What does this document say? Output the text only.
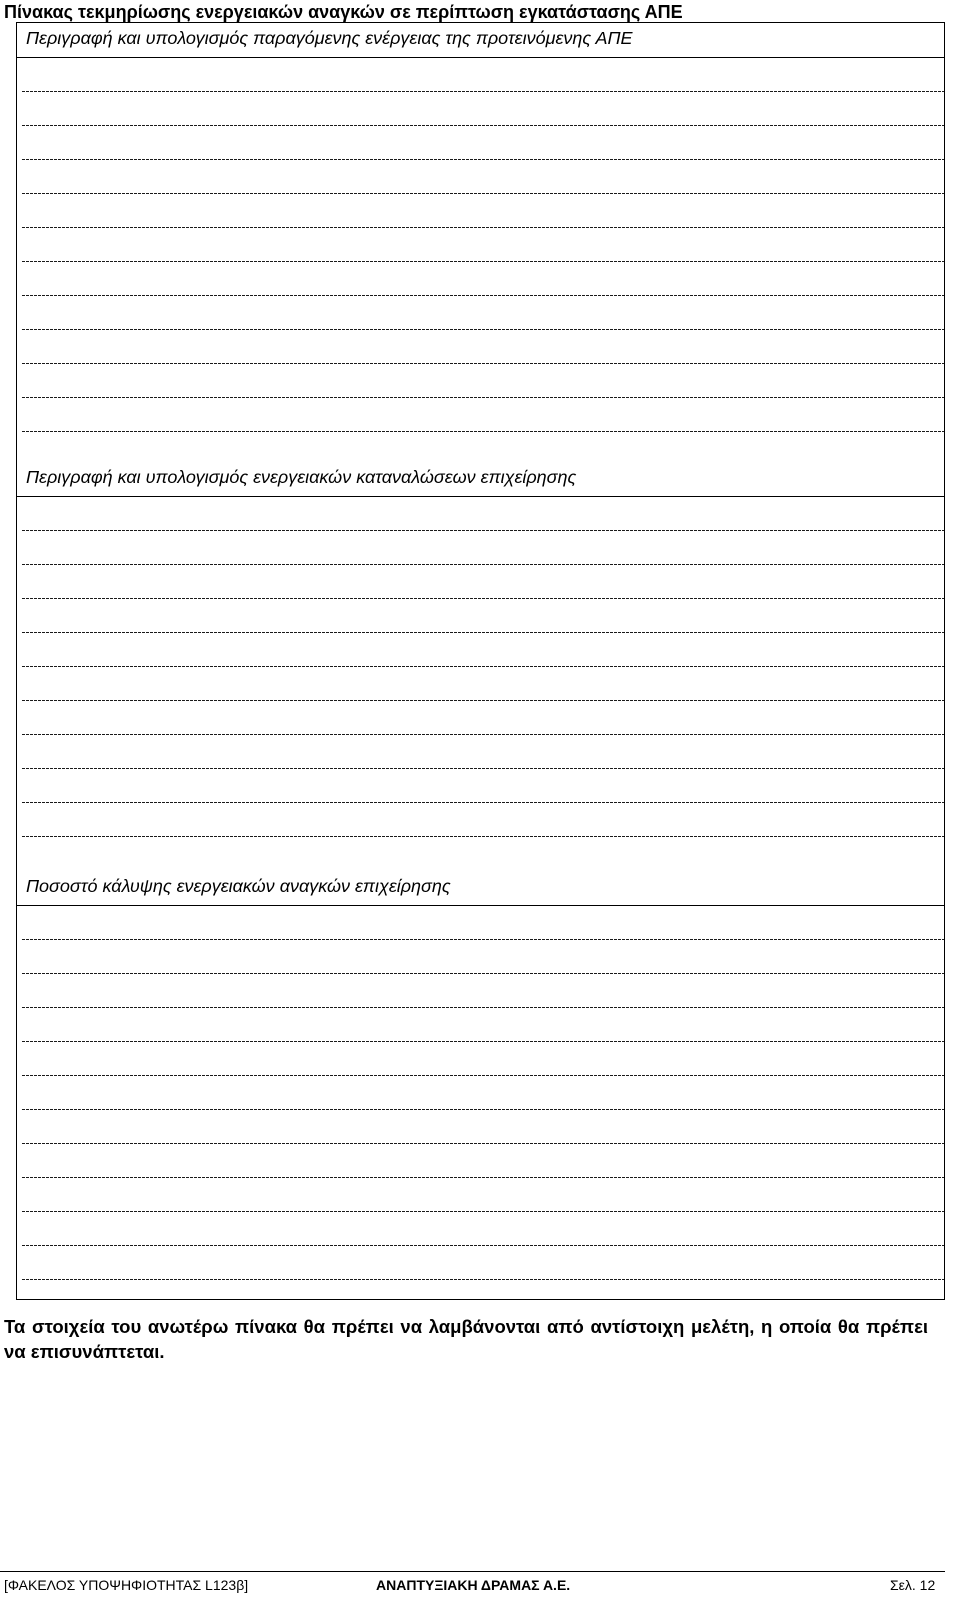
Πίνακας τεκμηρίωσης ενεργειακών αναγκών σε περίπτωση εγκατάστασης ΑΠΕ
Περιγραφή και υπολογισμός παραγόμενης ενέργειας της προτεινόμενης ΑΠΕ
Περιγραφή και υπολογισμός ενεργειακών καταναλώσεων επιχείρησης
Ποσοστό κάλυψης ενεργειακών αναγκών επιχείρησης
Τα στοιχεία του ανωτέρω πίνακα θα πρέπει να λαμβάνονται από αντίστοιχη μελέτη, η οποία θα πρέπει να επισυνάπτεται.
[ΦΑΚΕΛΟΣ ΥΠΟΨΗΦΙΟΤΗΤΑΣ L123β]	ΑΝΑΠΤΥΞΙΑΚΗ ΔΡΑΜΑΣ Α.Ε.	Σελ. 12
